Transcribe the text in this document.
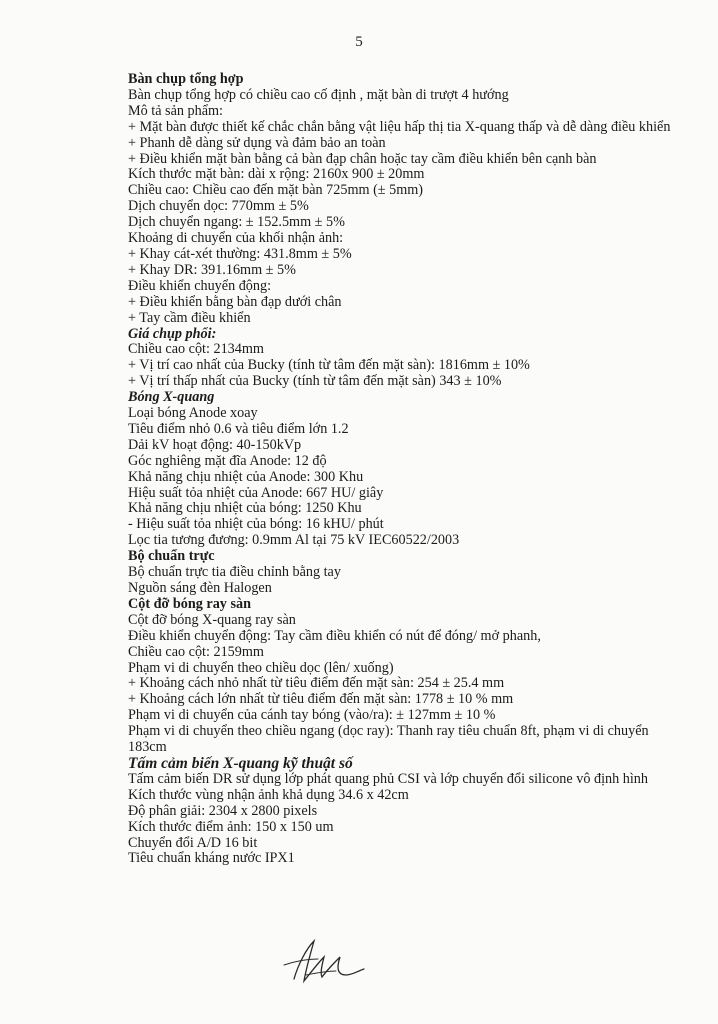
5
Bàn chụp tổng hợp
Bàn chụp tổng hợp có chiều cao cố định , mặt bàn di trượt 4 hướng
Mô tả sản phẩm:
+ Mặt bàn được thiết kế chắc chắn bằng vật liệu hấp thị tia X-quang thấp và dễ dàng điều khiển
+ Phanh dễ dàng sử dụng và đảm bảo an toàn
+ Điều khiển mặt bàn bằng cả bàn đạp chân hoặc tay cầm điều khiển bên cạnh bàn
Kích thước mặt bàn: dài x rộng: 2160x 900 ± 20mm
Chiều cao: Chiều cao đến mặt bàn 725mm (± 5mm)
Dịch chuyển dọc: 770mm ± 5%
Dịch chuyển ngang: ± 152.5mm ± 5%
Khoảng di chuyển của khối nhận ảnh:
+ Khay cát-xét thường: 431.8mm ± 5%
+ Khay DR: 391.16mm ± 5%
Điều khiển chuyển động:
+ Điều khiển bằng bàn đạp dưới chân
+ Tay cầm điều khiển
Giá chụp phổi:
Chiều cao cột: 2134mm
+ Vị trí cao nhất của Bucky (tính từ tâm đến mặt sàn): 1816mm ± 10%
+ Vị trí thấp nhất của Bucky (tính từ tâm đến mặt sàn) 343 ± 10%
Bóng X-quang
Loại bóng Anode xoay
Tiêu điểm nhỏ 0.6 và tiêu điểm lớn 1.2
Dải kV hoạt động: 40-150kVp
Góc nghiêng mặt đĩa Anode: 12 độ
Khả năng chịu nhiệt của Anode: 300 Khu
Hiệu suất tỏa nhiệt của Anode: 667 HU/ giây
Khả năng chịu nhiệt của bóng: 1250 Khu
- Hiệu suất tỏa nhiệt của bóng: 16 kHU/ phút
Lọc tia tương đương: 0.9mm Al tại 75 kV IEC60522/2003
Bộ chuẩn trực
Bộ chuẩn trực tia điều chỉnh bằng tay
Nguồn sáng đèn Halogen
Cột đỡ bóng ray sàn
Cột đỡ bóng X-quang ray sàn
Điều khiển chuyển động: Tay cầm điều khiển có nút để đóng/ mở phanh,
Chiều cao cột: 2159mm
Phạm vi di chuyển theo chiều dọc (lên/ xuống)
+ Khoảng cách nhỏ nhất từ tiêu điểm đến mặt sàn: 254 ± 25.4 mm
+ Khoảng cách lớn nhất từ tiêu điểm đến mặt sàn: 1778 ± 10 % mm
Phạm vi di chuyển của cánh tay bóng (vào/ra): ± 127mm ± 10 %
Phạm vi di chuyển theo chiều ngang (dọc ray): Thanh ray tiêu chuẩn 8ft, phạm vi di chuyển 183cm
Tấm cảm biến X-quang kỹ thuật số
Tấm cảm biến DR sử dụng lớp phát quang phủ CSI và lớp chuyển đổi silicone vô định hình
Kích thước vùng nhận ảnh khả dụng 34.6 x 42cm
Độ phân giải: 2304 x 2800 pixels
Kích thước điểm ảnh: 150 x 150 um
Chuyển đổi A/D 16 bit
Tiêu chuẩn kháng nước IPX1
